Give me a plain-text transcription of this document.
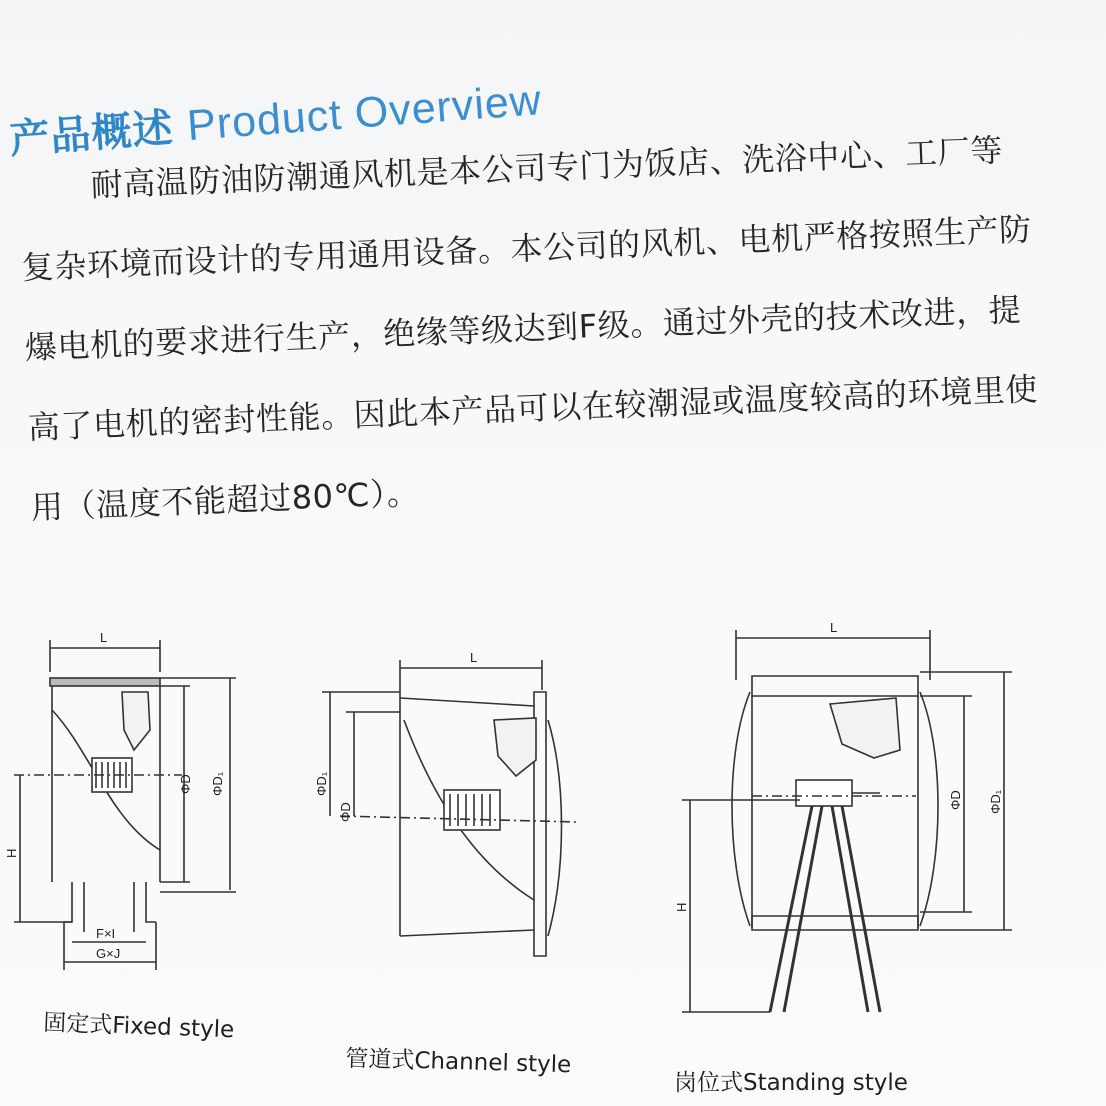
产品概述 Product Overview
耐高温防油防潮通风机是本公司专门为饭店、洗浴中心、工厂等
复杂环境而设计的专用通用设备。本公司的风机、电机严格按照生产防
爆电机的要求进行生产，绝缘等级达到F级。通过外壳的技术改进，提
高了电机的密封性能。因此本产品可以在较潮湿或温度较高的环境里使
用（温度不能超过80℃）。
L
ΦD ΦD₁
H
F×I
G×J
L
ΦD₁
ΦD
L
H
ΦD ΦD₁
固定式Fixed style
管道式Channel style
岗位式Standing style
